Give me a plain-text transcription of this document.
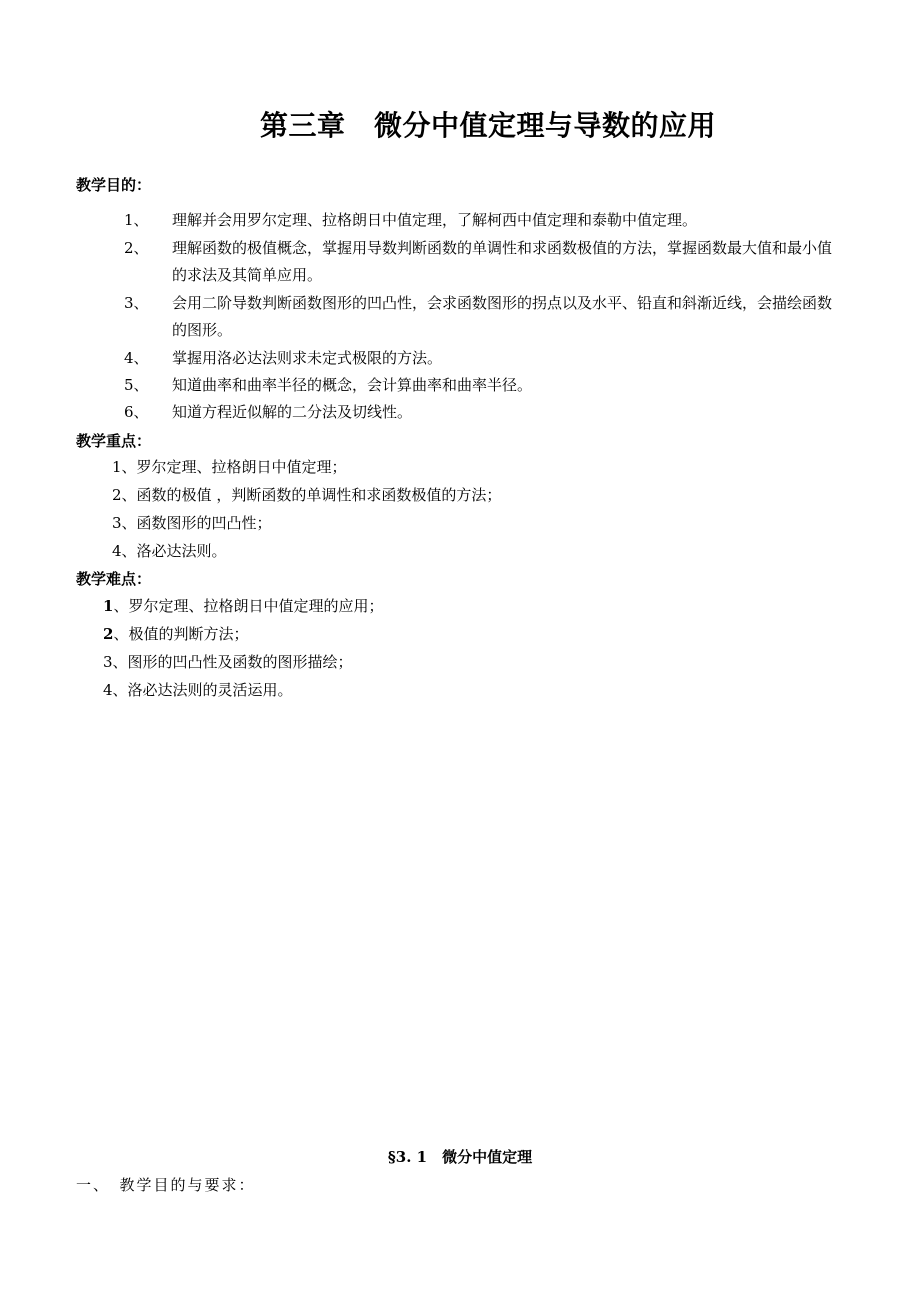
第三章　微分中值定理与导数的应用
教学目的：
1、 理解并会用罗尔定理、拉格朗日中值定理，了解柯西中值定理和泰勒中值定理。
2、 理解函数的极值概念，掌握用导数判断函数的单调性和求函数极值的方法，掌握函数最大值和最小值的求法及其简单应用。
3、 会用二阶导数判断函数图形的凹凸性，会求函数图形的拐点以及水平、铅直和斜渐近线，会描绘函数的图形。
4、 掌握用洛必达法则求未定式极限的方法。
5、 知道曲率和曲率半径的概念，会计算曲率和曲率半径。
6、 知道方程近似解的二分法及切线性。
教学重点：
1、罗尔定理、拉格朗日中值定理；
2、函数的极值 ，判断函数的单调性和求函数极值的方法；
3、函数图形的凹凸性；
4、洛必达法则。
教学难点：
1、罗尔定理、拉格朗日中值定理的应用；
2、极值的判断方法；
3、图形的凹凸性及函数的图形描绘；
4、洛必达法则的灵活运用。
§3. 1　微分中值定理
一、　教学目的与要求：
